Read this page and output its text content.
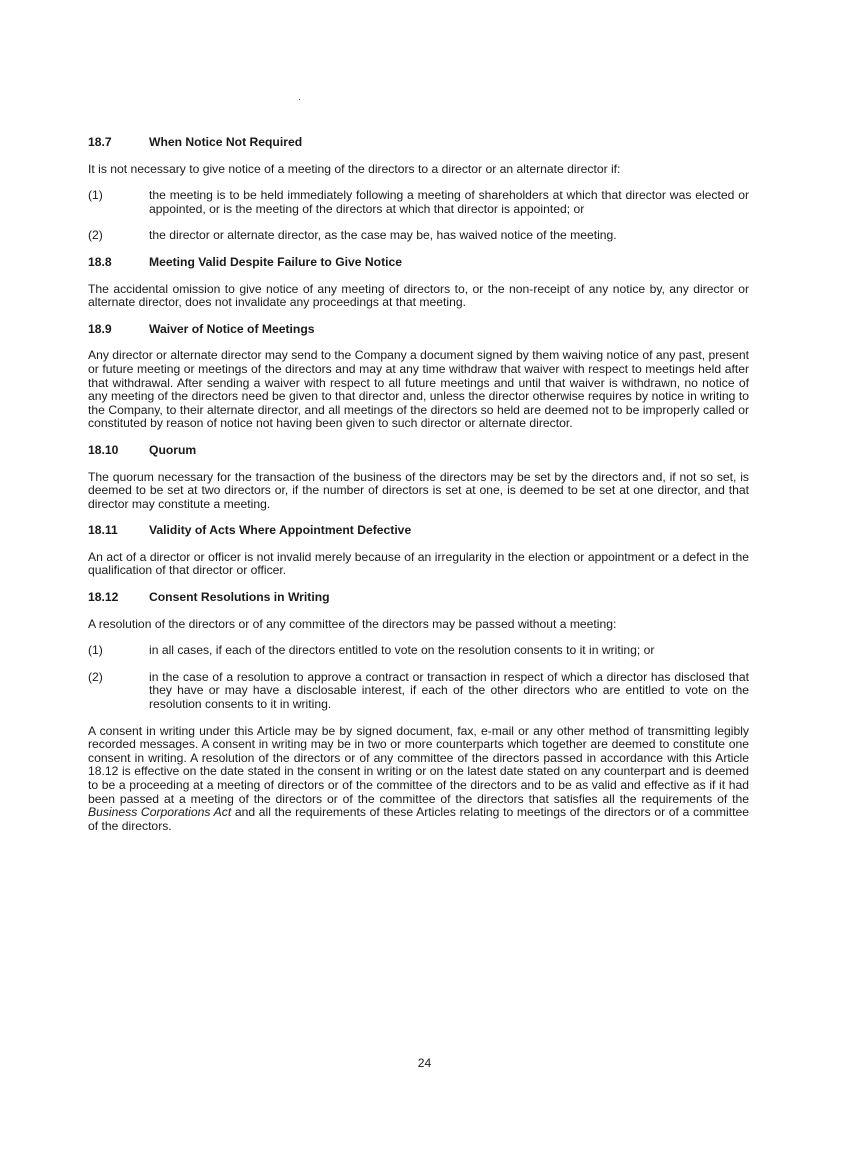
18.7	When Notice Not Required

It is not necessary to give notice of a meeting of the directors to a director or an alternate director if:

(1)	the meeting is to be held immediately following a meeting of shareholders at which that director was elected or appointed, or is the meeting of the directors at which that director is appointed; or
(2)	the director or alternate director, as the case may be, has waived notice of the meeting.
18.8	Meeting Valid Despite Failure to Give Notice

The accidental omission to give notice of any meeting of directors to, or the non-receipt of any notice by, any director or alternate director, does not invalidate any proceedings at that meeting.

18.9	Waiver of Notice of Meetings

Any director or alternate director may send to the Company a document signed by them waiving notice of any past, present or future meeting or meetings of the directors and may at any time withdraw that waiver with respect to meetings held after that withdrawal. After sending a waiver with respect to all future meetings and until that waiver is withdrawn, no notice of any meeting of the directors need be given to that director and, unless the director otherwise requires by notice in writing to the Company, to their alternate director, and all meetings of the directors so held are deemed not to be improperly called or constituted by reason of notice not having been given to such director or alternate director.

18.10	Quorum

The quorum necessary for the transaction of the business of the directors may be set by the directors and, if not so set, is deemed to be set at two directors or, if the number of directors is set at one, is deemed to be set at one director, and that director may constitute a meeting.

18.11	Validity of Acts Where Appointment Defective

An act of a director or officer is not invalid merely because of an irregularity in the election or appointment or a defect in the qualification of that director or officer.

18.12	Consent Resolutions in Writing

A resolution of the directors or of any committee of the directors may be passed without a meeting:

(1)	in all cases, if each of the directors entitled to vote on the resolution consents to it in writing; or
(2)	in the case of a resolution to approve a contract or transaction in respect of which a director has disclosed that they have or may have a disclosable interest, if each of the other directors who are entitled to vote on the resolution consents to it in writing.

A consent in writing under this Article may be by signed document, fax, e-mail or any other method of transmitting legibly recorded messages. A consent in writing may be in two or more counterparts which together are deemed to constitute one consent in writing. A resolution of the directors or of any committee of the directors passed in accordance with this Article 18.12 is effective on the date stated in the consent in writing or on the latest date stated on any counterpart and is deemed to be a proceeding at a meeting of directors or of the committee of the directors and to be as valid and effective as if it had been passed at a meeting of the directors or of the committee of the directors that satisfies all the requirements of the Business Corporations Act and all the requirements of these Articles relating to meetings of the directors or of a committee of the directors.

24
